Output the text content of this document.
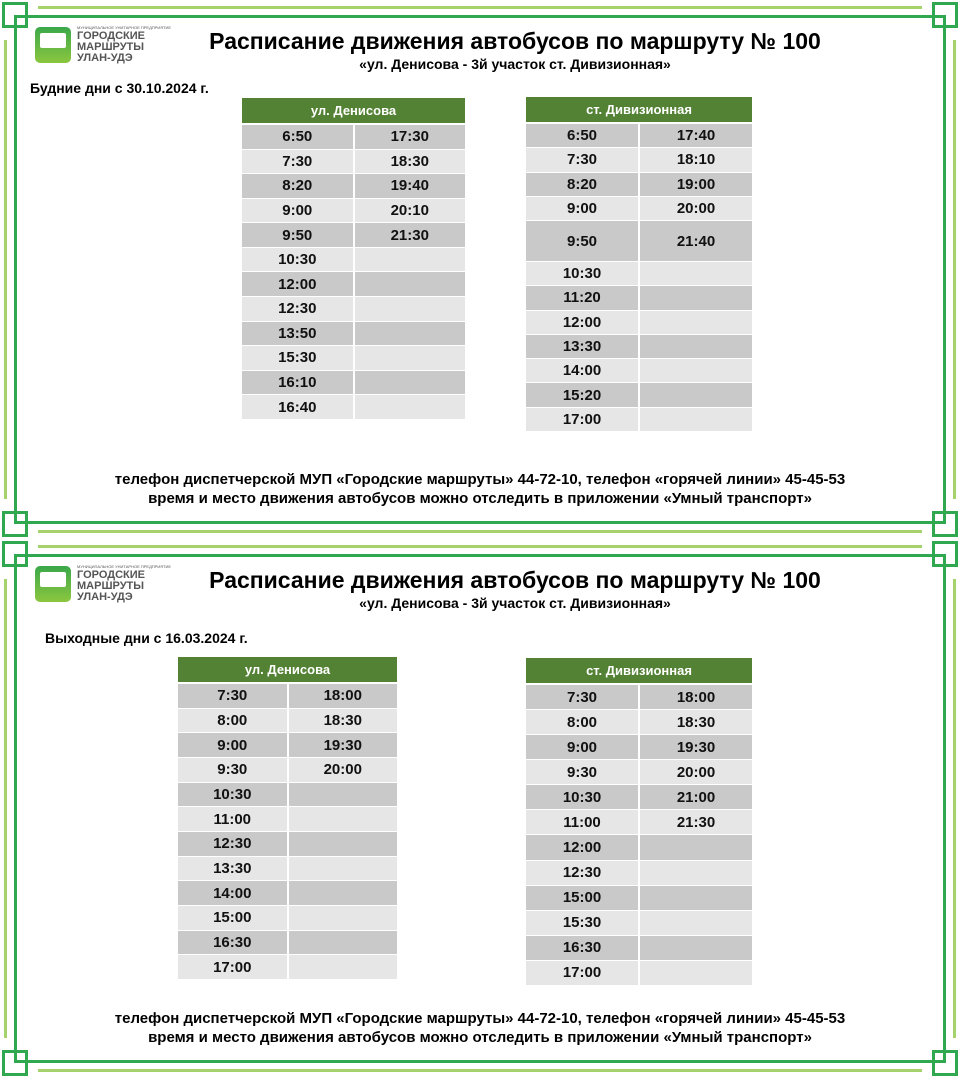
МУНИЦИПАЛЬНОЕ УНИТАРНОЕ ПРЕДПРИЯТИЕ
ГОРОДСКИЕ
МАРШРУТЫ
УЛАН-УДЭ
Расписание движения автобусов по маршруту № 100
«ул. Денисова - 3й участок ст. Дивизионная»
Будние дни с 30.10.2024 г.
ул. Денисова
6:50	17:30
7:30	18:30
8:20	19:40
9:00	20:10
9:50	21:30
10:30
12:00
12:30
13:50
15:30
16:10
16:40
ст. Дивизионная
6:50	17:40
7:30	18:10
8:20	19:00
9:00	20:00
9:50	21:40
10:30
11:20
12:00
13:30
14:00
15:20
17:00
телефон диспетчерской МУП «Городские маршруты» 44-72-10, телефон «горячей линии» 45-45-53
время и место движения автобусов можно отследить в приложении «Умный транспорт»
МУНИЦИПАЛЬНОЕ УНИТАРНОЕ ПРЕДПРИЯТИЕ
ГОРОДСКИЕ
МАРШРУТЫ
УЛАН-УДЭ
Расписание движения автобусов по маршруту № 100
«ул. Денисова - 3й участок ст. Дивизионная»
Выходные дни с 16.03.2024 г.
ул. Денисова
7:30	18:00
8:00	18:30
9:00	19:30
9:30	20:00
10:30
11:00
12:30
13:30
14:00
15:00
16:30
17:00
ст. Дивизионная
7:30	18:00
8:00	18:30
9:00	19:30
9:30	20:00
10:30	21:00
11:00	21:30
12:00
12:30
15:00
15:30
16:30
17:00
телефон диспетчерской МУП «Городские маршруты» 44-72-10, телефон «горячей линии» 45-45-53
время и место движения автобусов можно отследить в приложении «Умный транспорт»
